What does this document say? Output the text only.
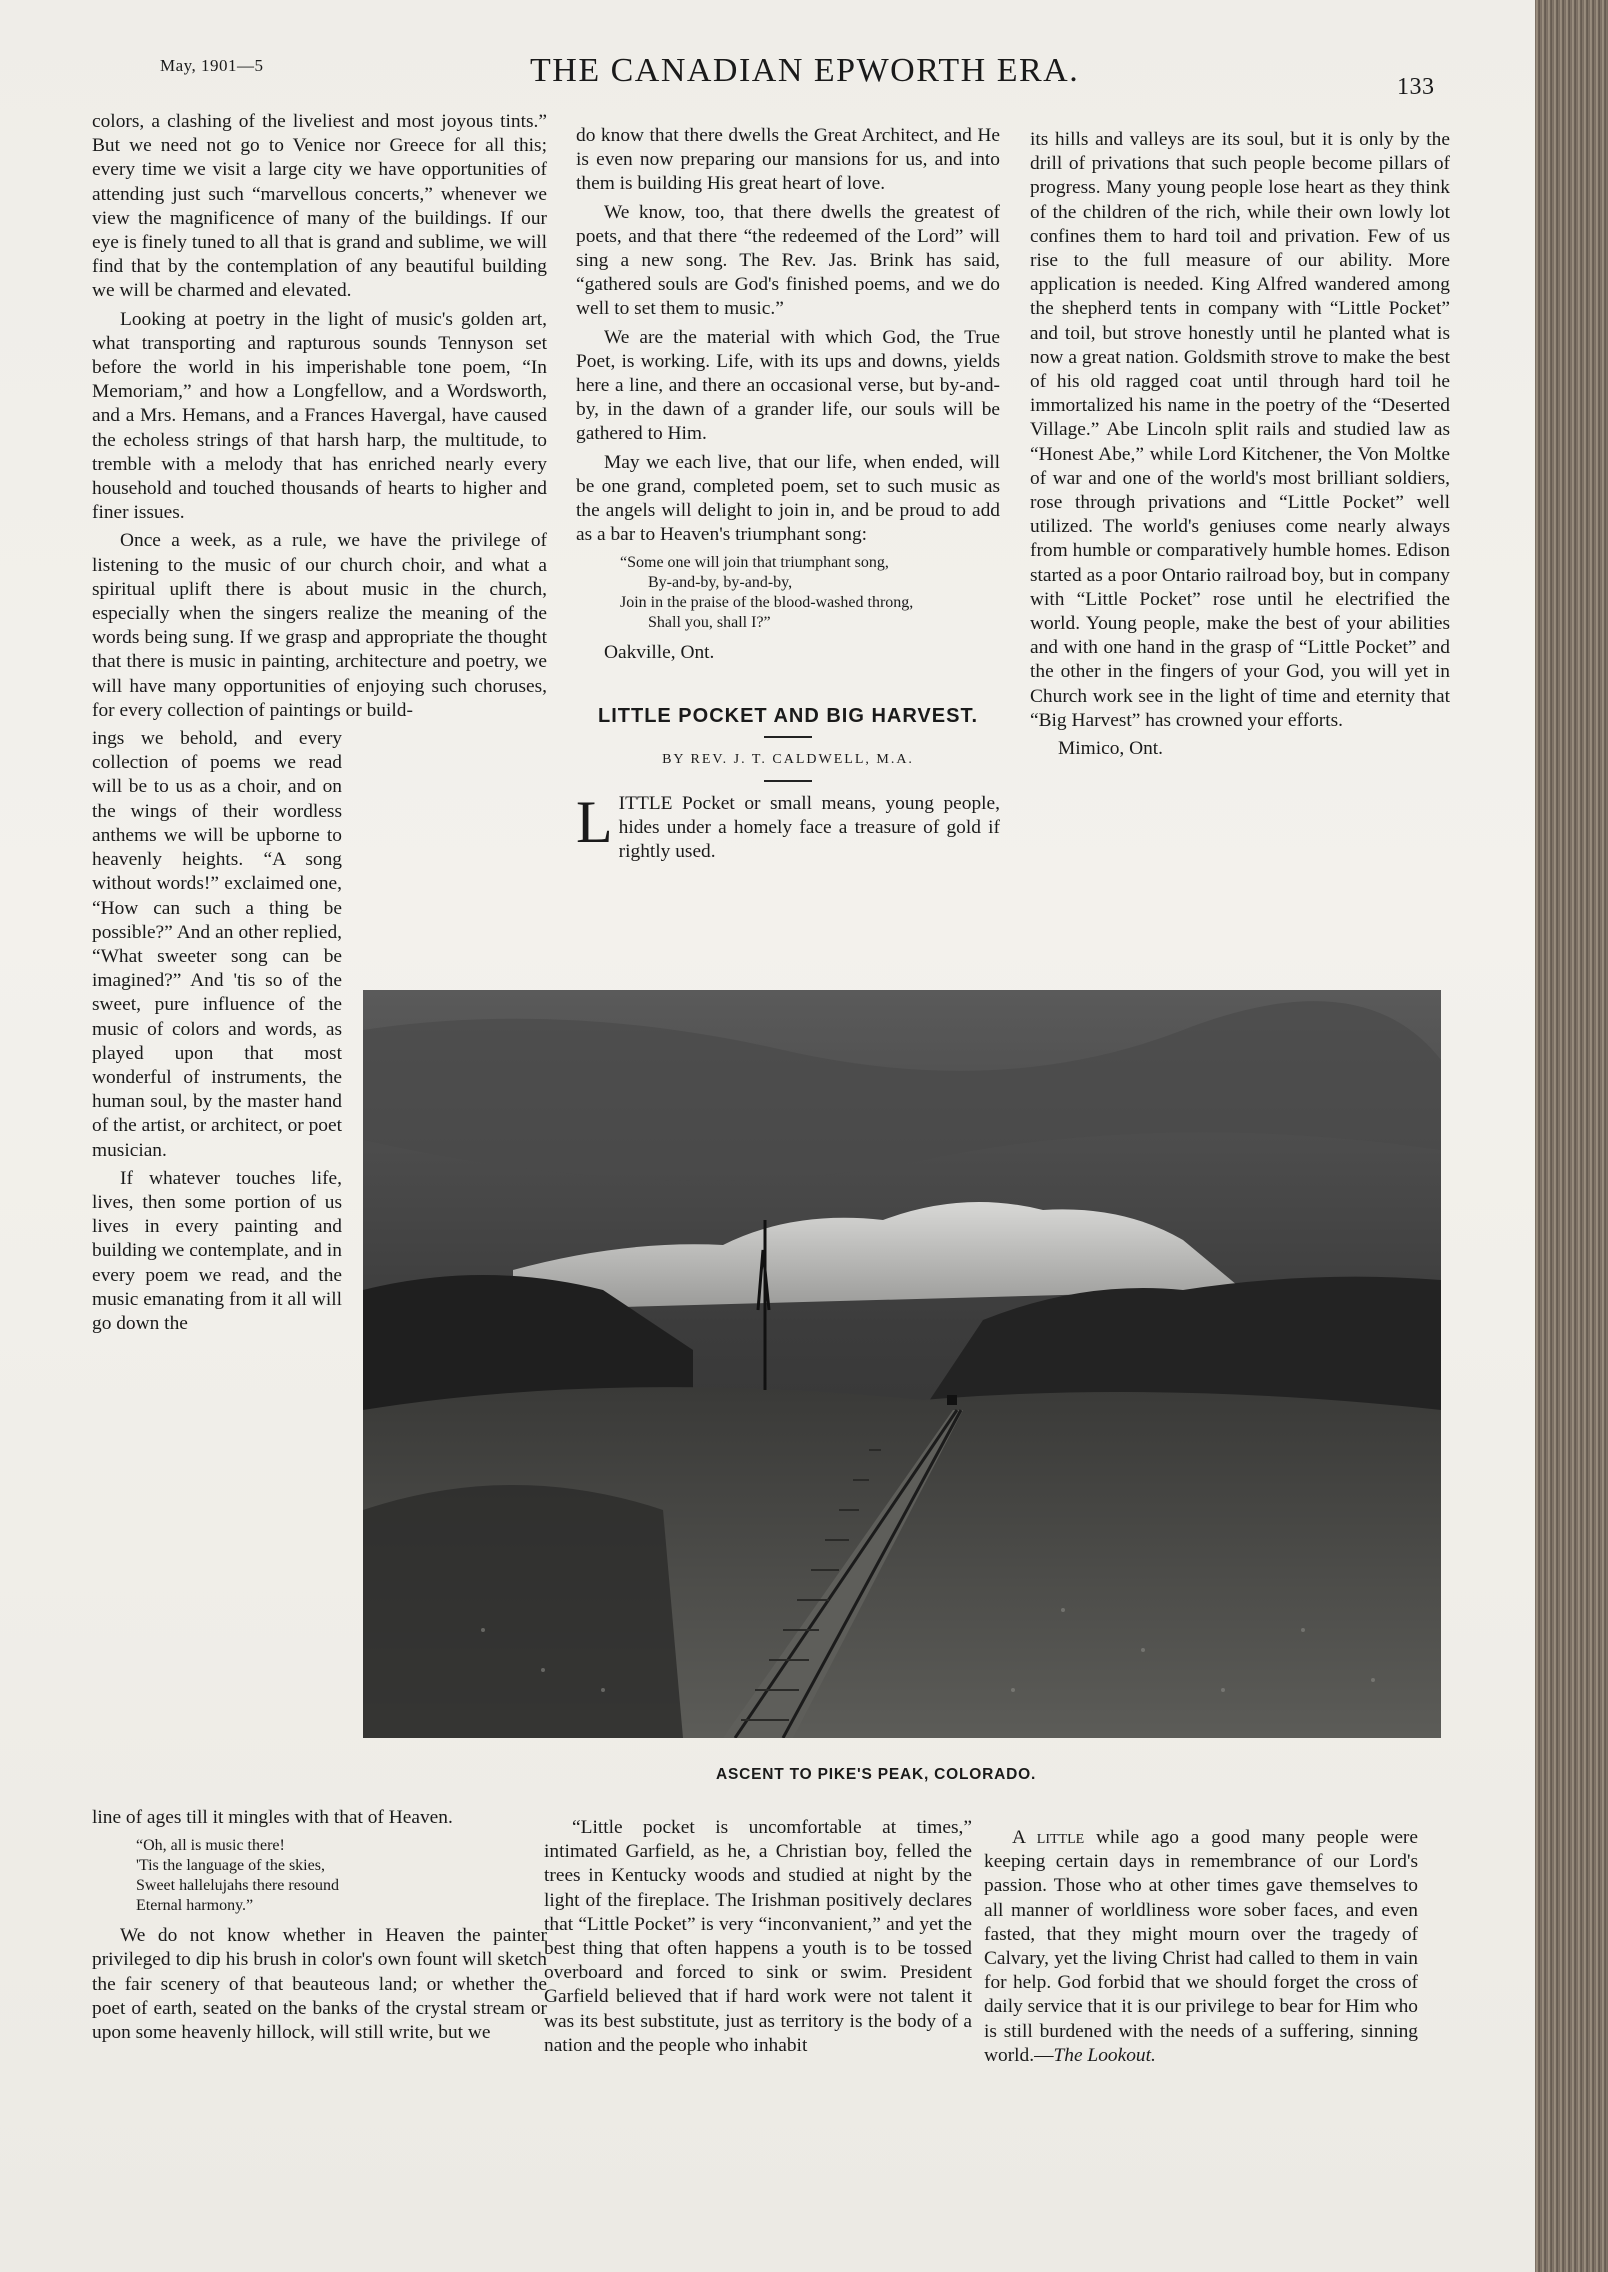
May, 1901—5	THE CANADIAN EPWORTH ERA.	133

colors, a clashing of the liveliest and most joyous tints.” But we need not go to Venice nor Greece for all this; every time we visit a large city we have opportunities of attending just such “marvellous concerts,” whenever we view the magnificence of many of the buildings. If our eye is finely tuned to all that is grand and sublime, we will find that by the contemplation of any beautiful building we will be charmed and elevated.

Looking at poetry in the light of music's golden art, what transporting and rapturous sounds Tennyson set before the world in his imperishable tone poem, “In Memoriam,” and how a Longfellow, and a Wordsworth, and a Mrs. Hemans, and a Frances Havergal, have caused the echoless strings of that harsh harp, the multitude, to tremble with a melody that has enriched nearly every household and touched thousands of hearts to higher and finer issues.

Once a week, as a rule, we have the privilege of listening to the music of our church choir, and what a spiritual uplift there is about music in the church, especially when the singers realize the meaning of the words being sung. If we grasp and appropriate the thought that there is music in painting, architecture and poetry, we will have many opportunities of enjoying such choruses, for every collection of paintings or build-

ings we behold, and every collection of poems we read will be to us as a choir, and on the wings of their wordless anthems we will be upborne to heavenly heights. “A song without words!” exclaimed one, “How can such a thing be possible?” And an other replied, “What sweeter song can be imagined?” And 'tis so of the sweet, pure influence of the music of colors and words, as played upon that most wonderful of instruments, the human soul, by the master hand of the artist, or architect, or poet musician.

If whatever touches life, lives, then some portion of us lives in every painting and building we contemplate, and in every poem we read, and the music emanating from it all will go down the

do know that there dwells the Great Architect, and He is even now preparing our mansions for us, and into them is building His great heart of love.

We know, too, that there dwells the greatest of poets, and that there “the redeemed of the Lord” will sing a new song. The Rev. Jas. Brink has said, “gathered souls are God's finished poems, and we do well to set them to music.”

We are the material with which God, the True Poet, is working. Life, with its ups and downs, yields here a line, and there an occasional verse, but by-and-by, in the dawn of a grander life, our souls will be gathered to Him.

May we each live, that our life, when ended, will be one grand, completed poem, set to such music as the angels will delight to join in, and be proud to add as a bar to Heaven's triumphant song:

“Some one will join that triumphant song,
By-and-by, by-and-by,
Join in the praise of the blood-washed throng,
Shall you, shall I?”

Oakville, Ont.

LITTLE POCKET AND BIG HARVEST.
BY REV. J. T. CALDWELL, M.A.

LITTLE Pocket or small means, young people, hides under a homely face a treasure of gold if rightly used.

its hills and valleys are its soul, but it is only by the drill of privations that such people become pillars of progress. Many young people lose heart as they think of the children of the rich, while their own lowly lot confines them to hard toil and privation. Few of us rise to the full measure of our ability. More application is needed. King Alfred wandered among the shepherd tents in company with “Little Pocket” and toil, but strove honestly until he planted what is now a great nation. Goldsmith strove to make the best of his old ragged coat until through hard toil he immortalized his name in the poetry of the “Deserted Village.” Abe Lincoln split rails and studied law as “Honest Abe,” while Lord Kitchener, the Von Moltke of war and one of the world's most brilliant soldiers, rose through privations and “Little Pocket” well utilized. The world's geniuses come nearly always from humble or comparatively humble homes. Edison started as a poor Ontario railroad boy, but in company with “Little Pocket” rose until he electrified the world. Young people, make the best of your abilities and with one hand in the grasp of “Little Pocket” and the other in the fingers of your God, you will yet in Church work see in the light of time and eternity that “Big Harvest” has crowned your efforts.

Mimico, Ont.

ASCENT TO PIKE'S PEAK, COLORADO.

line of ages till it mingles with that of Heaven.

“Oh, all is music there!
'Tis the language of the skies,
Sweet hallelujahs there resound
Eternal harmony.”

We do not know whether in Heaven the painter privileged to dip his brush in color's own fount will sketch the fair scenery of that beauteous land; or whether the poet of earth, seated on the banks of the crystal stream or upon some heavenly hillock, will still write, but we

“Little pocket is uncomfortable at times,” intimated Garfield, as he, a Christian boy, felled the trees in Kentucky woods and studied at night by the light of the fireplace. The Irishman positively declares that “Little Pocket” is very “inconvanient,” and yet the best thing that often happens a youth is to be tossed overboard and forced to sink or swim. President Garfield believed that if hard work were not talent it was its best substitute, just as territory is the body of a nation and the people who inhabit

A little while ago a good many people were keeping certain days in remembrance of our Lord's passion. Those who at other times gave themselves to all manner of worldliness wore sober faces, and even fasted, that they might mourn over the tragedy of Calvary, yet the living Christ had called to them in vain for help. God forbid that we should forget the cross of daily service that it is our privilege to bear for Him who is still burdened with the needs of a suffering, sinning world.—The Lookout.
